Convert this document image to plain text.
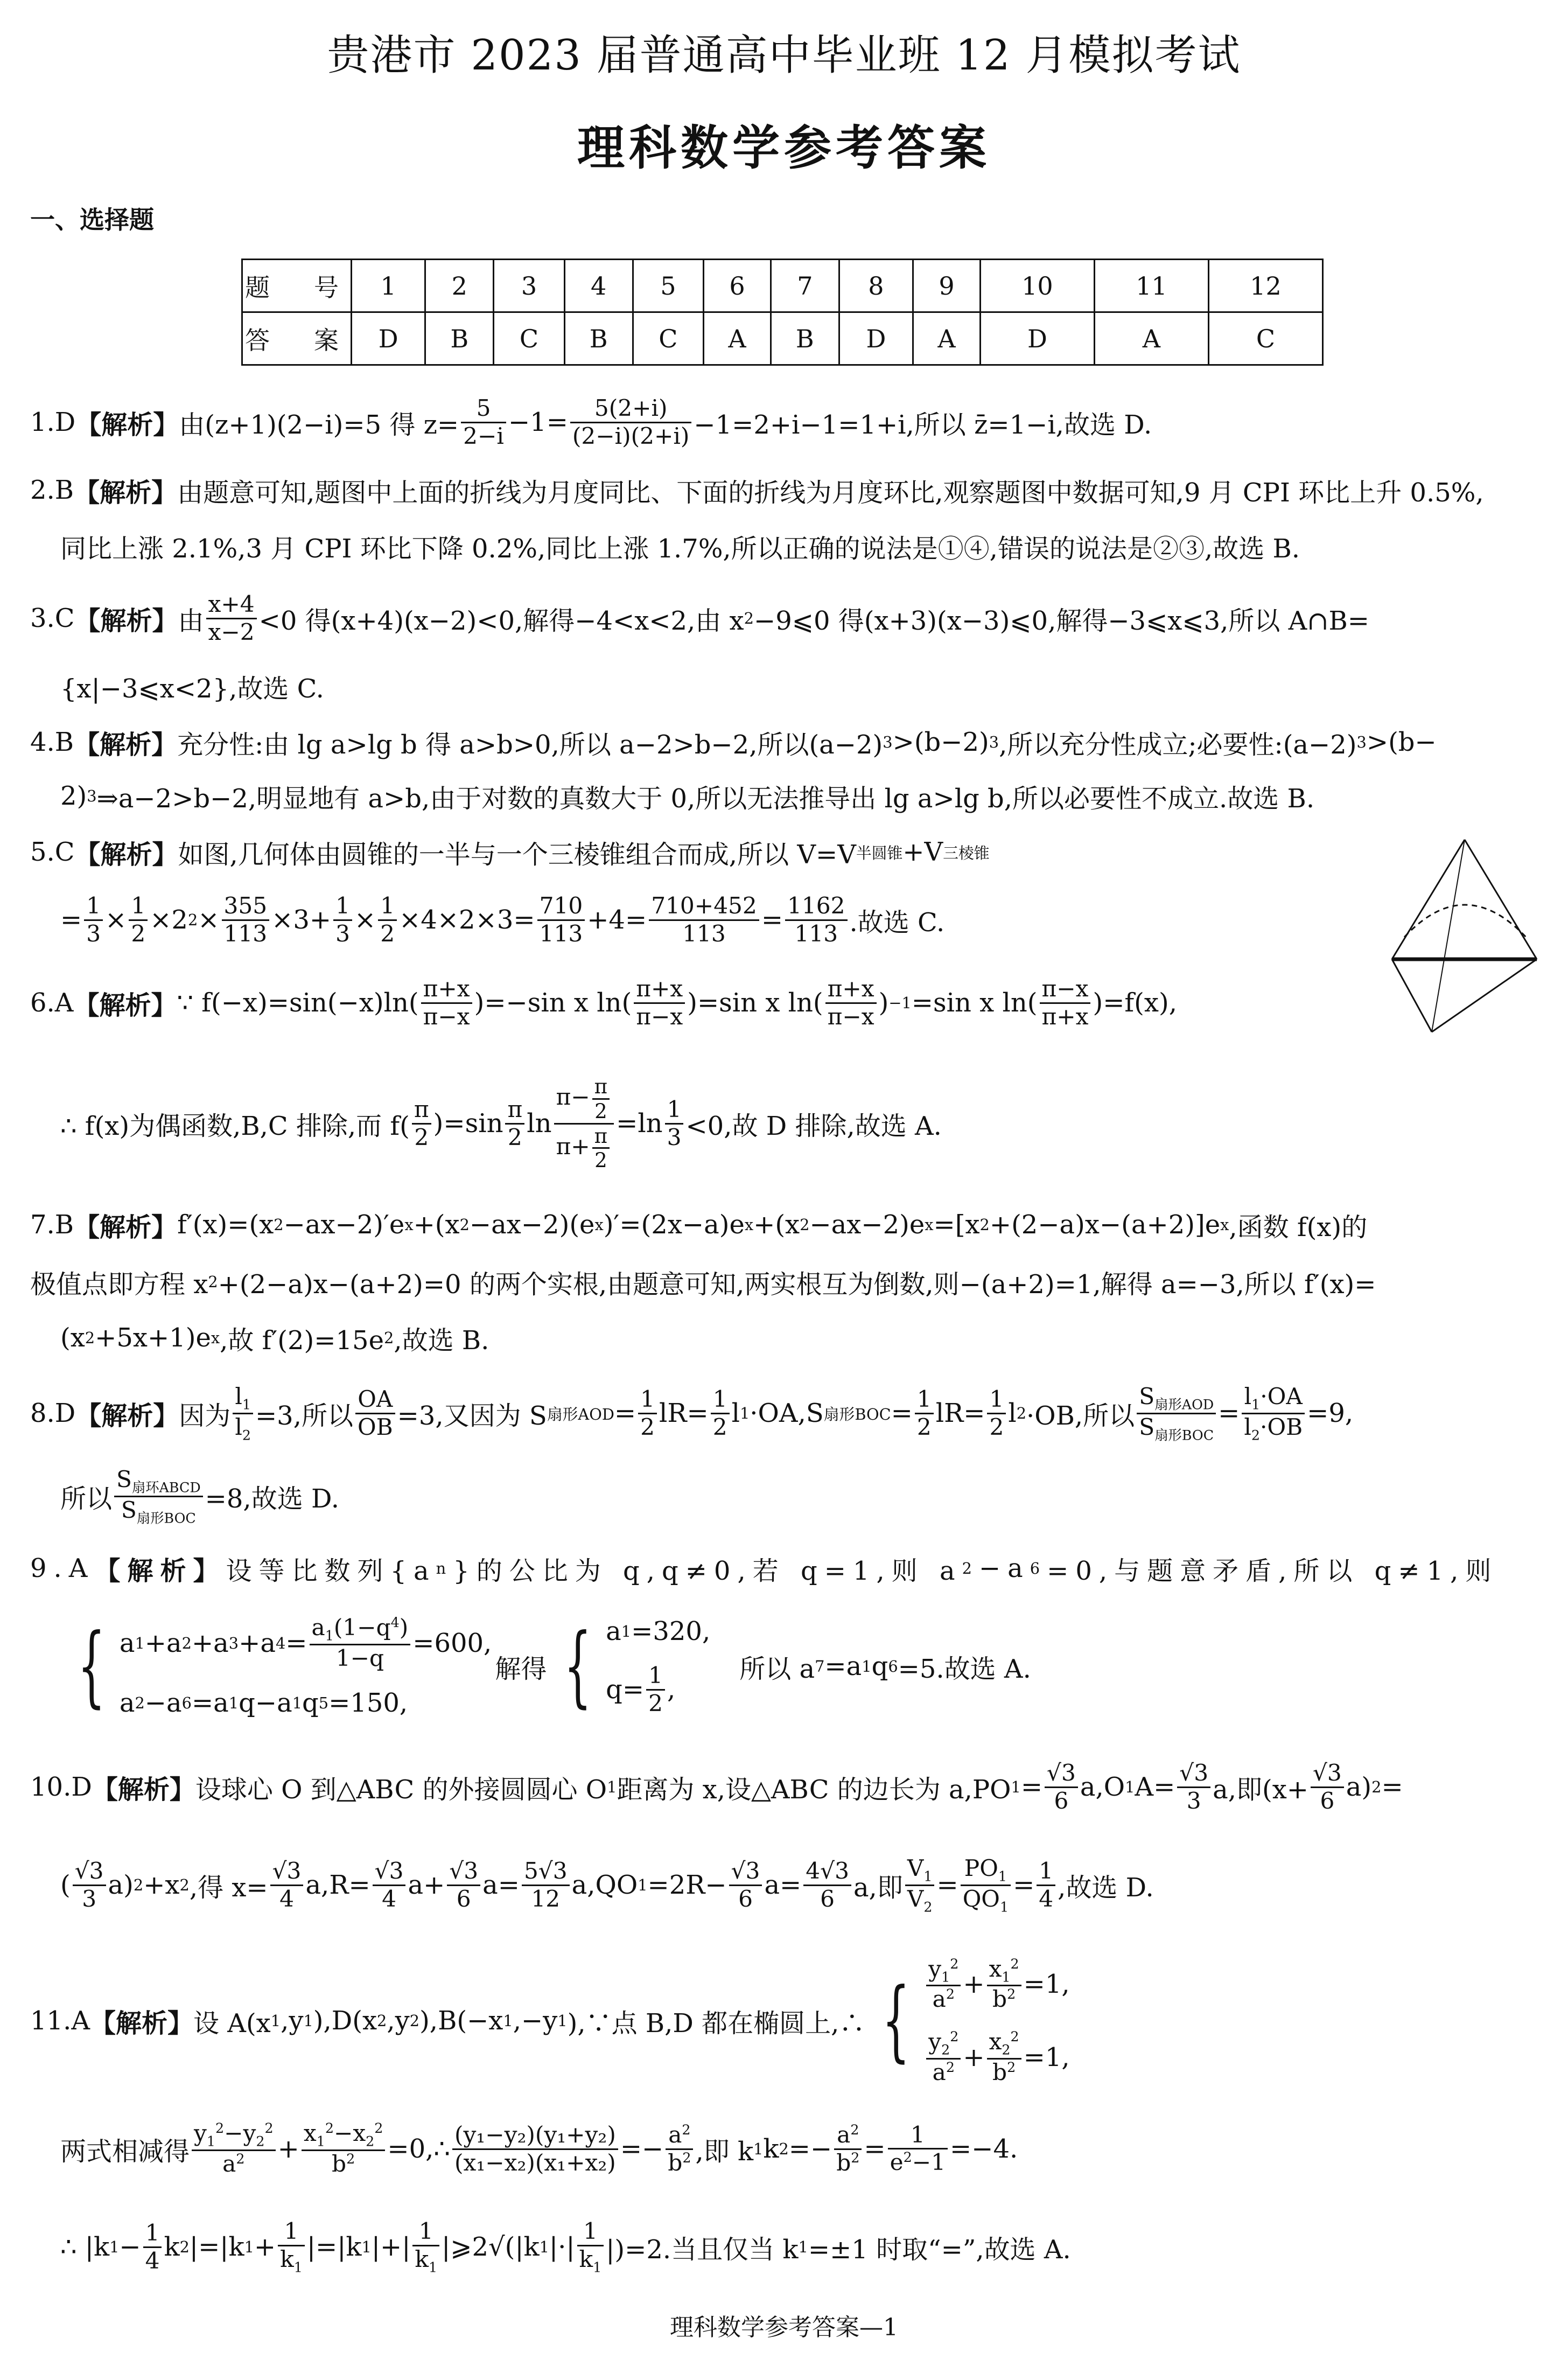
贵港市 2023 届普通高中毕业班 12 月模拟考试
理科数学参考答案
一、选择题
题　号	1	2	3	4	5	6	7	8	9	10	11	12
答　案	D	B	C	B	C	A	B	D	A	D	A	C
1.D 【解析】 由(z+1)(2−i)=5 得 $z= \frac{5}{2-i} -1= \frac{5(2+i)}{(2-i)(2+i)} -1=2+i-1=1+i$,所以 z̄=1−i,故选 D.
2.B 【解析】 由题意可知,题图中上面的折线为月度同比、下面的折线为月度环比,观察题图中数据可知,9 月 CPI 环比上升 0.5%,
同比上涨 2.1%,3 月 CPI 环比下降 0.2%,同比上涨 1.7%,所以正确的说法是①④,错误的说法是②③,故选 B.
3.C 【解析】 由 $\frac{x+4}{x-2} <0$ 得(x+4)(x−2)<0,解得−4<x<2,由 x 2 −9⩽0 得(x+3)(x−3)⩽0,解得−3⩽x⩽3,所以 A∩B=
{x|−3⩽x<2},故选 C.
4.B 【解析】 充分性:由 lg a>lg b 得 a>b>0,所以 a−2>b−2,所以(a−2) 3 >(b−2) 3 ,所以充分性成立;必要性:(a−2) 3 >(b−
2) 3 ⇒a−2>b−2,明显地有 a>b,由于对数的真数大于 0,所以无法推导出 lg a>lg b,所以必要性不成立.故选 B.
5.C 【解析】 如图,几何体由圆锥的一半与一个三棱锥组合而成,所以 V=V 半圆锥 +V 三棱锥
= $\frac{1}{3} \times \frac{1}{2} \times 2$ $2 \times \frac{355}{113} \times 3+ \frac{1}{3} \times \frac{1}{2} \times 4\times 2\times 3= \frac{710}{113} +4= \frac{710+452}{113} = \frac{1162}{113}$ .故选 C.
6.A 【解析】 ∵ $f(-x)=\sin(-x)\ln( \frac{\pi+x}{\pi-x} )=-\sin$ x $\ln( \frac{\pi+x}{\pi-x} )=\sin$ x $\ln( \frac{\pi+x}{\pi-x}$ ) −1 =sin x $\ln( \frac{\pi-x}{\pi+x} )=f(x)$,
∴ f(x)为偶函数,B,C 排除,而 $f( \frac{\pi}{2} )=\sin \frac{\pi}{2}$ $\ln \frac{\pi- \frac{\pi}{2}}{\pi+ \frac{\pi}{2}} =\ln \frac{1}{3} <0$,故 D 排除,故选 A.
7.B 【解析】 f′(x)=(x 2 −ax−2)′e x +(x 2 −ax−2)(e x )′=(2x−a)e x +(x 2 −ax−2)e x =[x 2 +(2−a)x−(a+2)]e x ,函数 f(x)的
极值点即方程 x 2 +(2−a)x−(a+2)=0 的两个实根,由题意可知,两实根互为倒数,则−(a+2)=1,解得 a=−3,所以 f′(x)=
(x 2 +5x+1)e x ,故 f′(2)=15e 2 ,故选 B.
8.D 【解析】 因为 $\frac{l_1}{l_2} =3$,所以 $\frac{OA}{OB} =3$,又因为 S 扇形AOD = $\frac{1}{2} lR= \frac{1}{2}$ l 1 ·OA,S 扇形BOC = $\frac{1}{2} lR= \frac{1}{2}$ l 2 ·OB,所以 $\frac{S_{扇形AOD}}{S_{扇形BOC}} = \frac{l_1\cdot OA}{l_2\cdot OB} =9$,
所以 $\frac{S_{扇环ABCD}}{S_{扇形BOC}} =8$,故选 D.
9.A 【解析】 设等比数列{a n }的公比为 q,q≠0,若 q=1,则 a 2 −a 6 =0,与题意矛盾,所以 q≠1,则
{ a 1 +a 2 +a 3 +a $4 = \frac{a_1(1-q^4)}{1-q} =600$,
a 2 −a 6 =a 1 q−a 1 q 5 =150,
解得 { a 1 =320,
$q= \frac{1}{2}$ ,
　所以 a 7 =a 1 q 6 =5.故选 A.
10.D 【解析】 设球心 O 到△ABC 的外接圆圆心 O 1 距离为 x,设△ABC 的边长为 a,PO $1 = \frac{√3}{6} a,O$ 1 $A= \frac{√3}{3} a$,即$(x+ \frac{√3}{6} a)$ 2 =
( $\frac{√3}{3} a$) 2 +x 2 ,得 $x= \frac{√3}{4} a,R= \frac{√3}{4} a+ \frac{√3}{6} a= \frac{5√3}{12} a,QO$ $1 =2R- \frac{√3}{6} a= \frac{4√3}{6} a$,即 $\frac{V_1}{V_2} = \frac{PO_1}{QO_1} = \frac{1}{4}$ ,故选 D.
11.A 【解析】 设 A(x 1 ,y 1 ),D(x 2 ,y 2 ),B(−x 1 ,−y 1 ),∵点 B,D 都在椭圆上,∴ { $\frac{y_1^2}{a^2} + \frac{x_1^2}{b^2} =1$,
$\frac{y_2^2}{a^2} + \frac{x_2^2}{b^2} =1$,
两式相减得 $\frac{y_1^2-y_2^2}{a^2} + \frac{x_1^2-x_2^2}{b^2}$ =0,∴ $\frac{\text{(y₁−y₂)(y₁+y₂)}}{\text{(x₁−x₂)(x₁+x₂)}} =- \frac{a^2}{b^2}$ ,即 k 1 k $2 =- \frac{a^2}{b^2} = \frac{1}{e^2-1} =-4$.
∴ |k $1 - \frac{1}{4}$ k 2 |=|k $1 + \frac{1}{k_1} |=|k$ 1 |+| $\frac{1}{k_1}$ |⩾2√(|k 1 |·| $\frac{1}{k_1} |)=2$.当且仅当 k 1 =±1 时取“=”,故选 A.
理科数学参考答案—1
